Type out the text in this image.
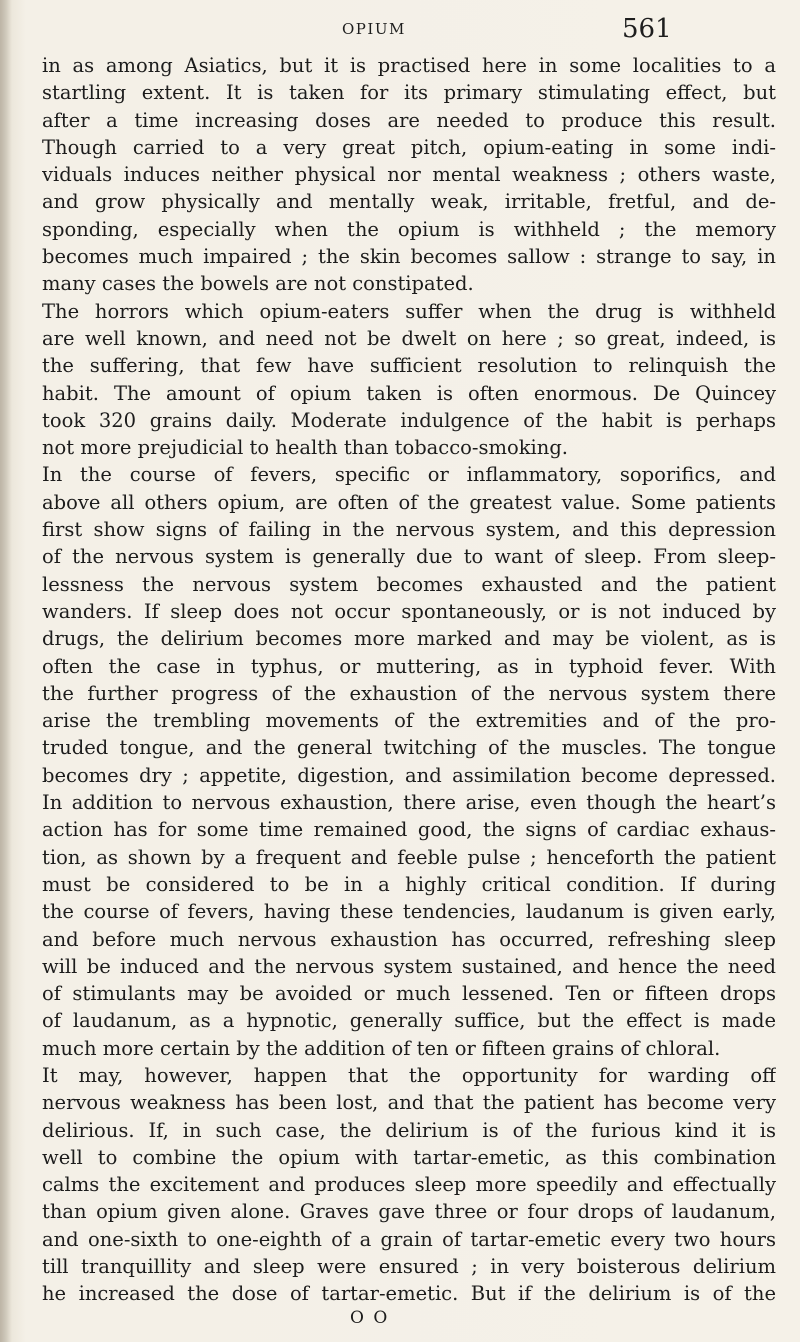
OPIUM	561
in as among Asiatics, but it is practised here in some localities to a
startling extent. It is taken for its primary stimulating effect, but
after a time increasing doses are needed to produce this result.
Though carried to a very great pitch, opium-eating in some indi-
viduals induces neither physical nor mental weakness ; others waste,
and grow physically and mentally weak, irritable, fretful, and de-
sponding, especially when the opium is withheld ; the memory
becomes much impaired ; the skin becomes sallow : strange to say, in
many cases the bowels are not constipated.
The horrors which opium-eaters suffer when the drug is withheld
are well known, and need not be dwelt on here ; so great, indeed, is
the suffering, that few have sufficient resolution to relinquish the
habit. The amount of opium taken is often enormous. De Quincey
took 320 grains daily. Moderate indulgence of the habit is perhaps
not more prejudicial to health than tobacco-smoking.
In the course of fevers, specific or inflammatory, soporifics, and
above all others opium, are often of the greatest value. Some patients
first show signs of failing in the nervous system, and this depression
of the nervous system is generally due to want of sleep. From sleep-
lessness the nervous system becomes exhausted and the patient
wanders. If sleep does not occur spontaneously, or is not induced by
drugs, the delirium becomes more marked and may be violent, as is
often the case in typhus, or muttering, as in typhoid fever. With
the further progress of the exhaustion of the nervous system there
arise the trembling movements of the extremities and of the pro-
truded tongue, and the general twitching of the muscles. The tongue
becomes dry ; appetite, digestion, and assimilation become depressed.
In addition to nervous exhaustion, there arise, even though the heart’s
action has for some time remained good, the signs of cardiac exhaus-
tion, as shown by a frequent and feeble pulse ; henceforth the patient
must be considered to be in a highly critical condition. If during
the course of fevers, having these tendencies, laudanum is given early,
and before much nervous exhaustion has occurred, refreshing sleep
will be induced and the nervous system sustained, and hence the need
of stimulants may be avoided or much lessened. Ten or fifteen drops
of laudanum, as a hypnotic, generally suffice, but the effect is made
much more certain by the addition of ten or fifteen grains of chloral.
It may, however, happen that the opportunity for warding off
nervous weakness has been lost, and that the patient has become very
delirious. If, in such case, the delirium is of the furious kind it is
well to combine the opium with tartar-emetic, as this combination
calms the excitement and produces sleep more speedily and effectually
than opium given alone. Graves gave three or four drops of laudanum,
and one-sixth to one-eighth of a grain of tartar-emetic every two hours
till tranquillity and sleep were ensured ; in very boisterous delirium
he increased the dose of tartar-emetic. But if the delirium is of the
O O
